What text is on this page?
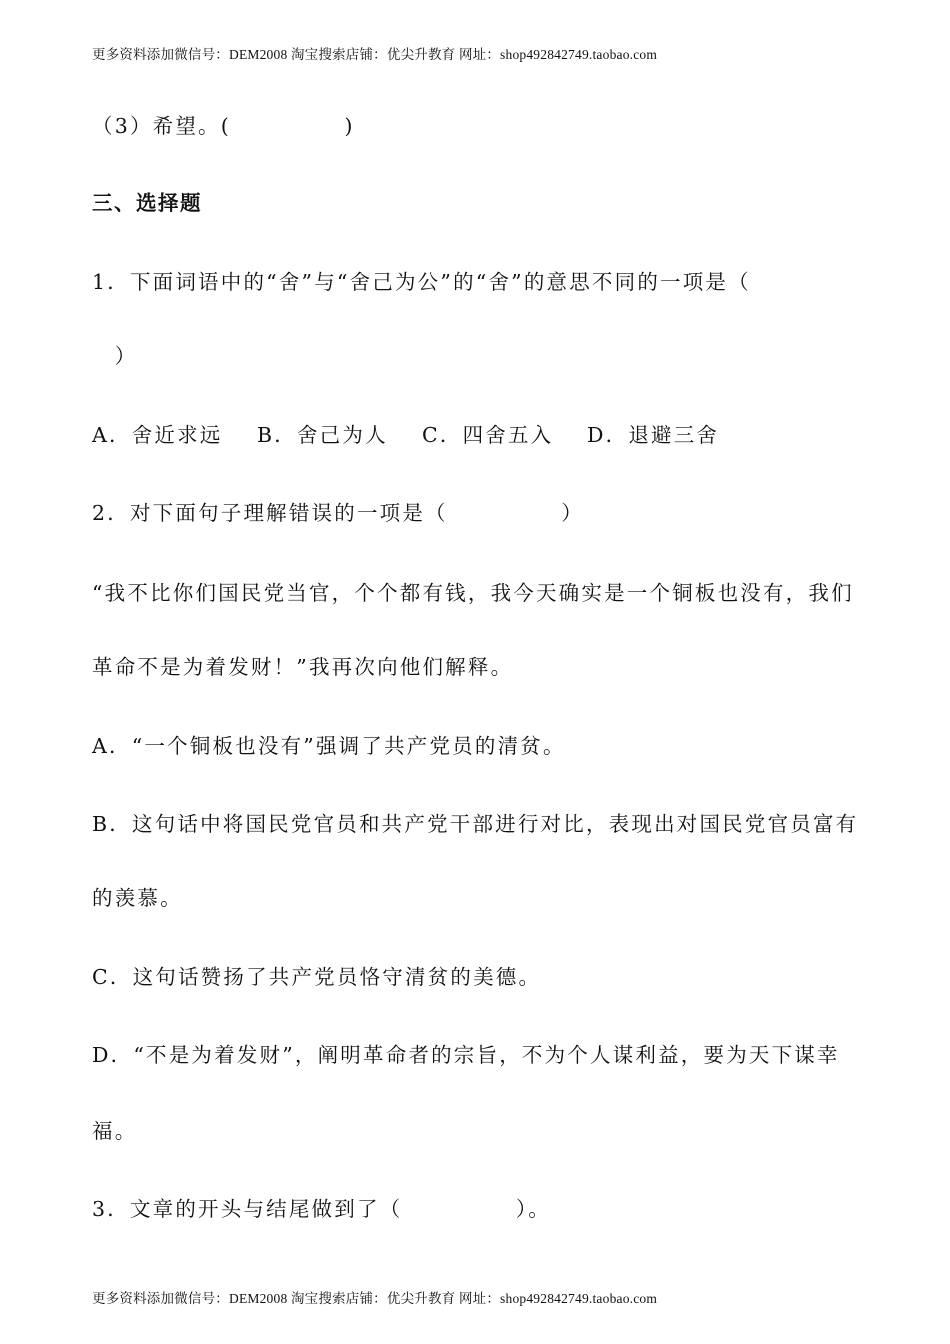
更多资料添加微信号：DEM2008 淘宝搜索店铺：优尖升教育 网址：shop492842749.taobao.com
（3）希望。(　　　　　)
三、选择题
1．下面词语中的“舍”与“舍己为公”的“舍”的意思不同的一项是（
　）
A．舍近求远 B．舍己为人 C．四舍五入 D．退避三舍
2．对下面句子理解错误的一项是（　　　　　）
“我不比你们国民党当官，个个都有钱，我今天确实是一个铜板也没有，我们
革命不是为着发财！”我再次向他们解释。
A．“一个铜板也没有”强调了共产党员的清贫。
B．这句话中将国民党官员和共产党干部进行对比，表现出对国民党官员富有
的羡慕。
C．这句话赞扬了共产党员恪守清贫的美德。
D．“不是为着发财”，阐明革命者的宗旨，不为个人谋利益，要为天下谋幸
福。
3．文章的开头与结尾做到了（　　　　　）。
更多资料添加微信号：DEM2008 淘宝搜索店铺：优尖升教育 网址：shop492842749.taobao.com
